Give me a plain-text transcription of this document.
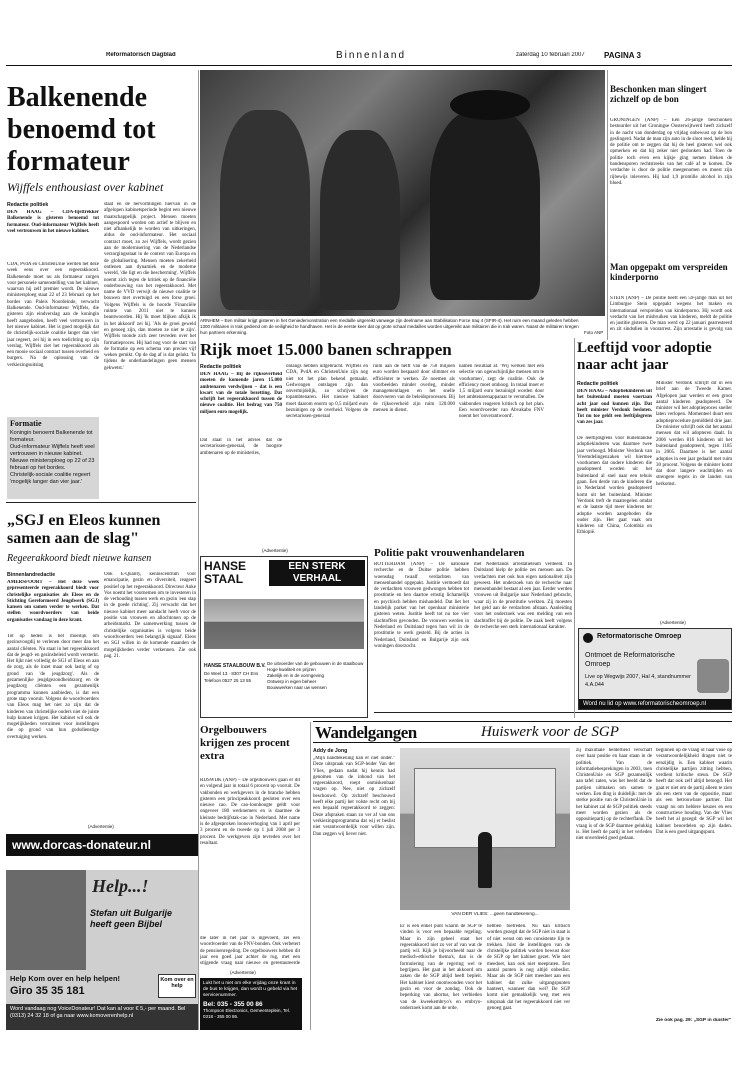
Reformatorisch Dagblad	Binnenland	zaterdag 10 februari 2007 PAGINA 3
Balkenende benoemd tot formateur
Wijffels enthousiast over kabinet
Redactie politiek
DEN HAAG – CDA-lijsttrekker Balkenende is gisteren benoemd tot formateur. Oud-informateur Wijffels heeft veel vertrouwen in het nieuwe kabinet.
CDA, PvdA en ChristenUnie werden het deze week eens over een regeerakkoord. Balkenende moet nu als formateur zorgen voor personele samenstelling van het kabinet, waarvan hij zelf premier wordt. De nieuwe ministersploeg staat 22 of 23 februari op het bordes van Paleis Noordeinde, verwacht Balkenende. Oud-informateur Wijffels, die gisteren zijn eindverslag aan de koningin heeft aangeboden, heeft veel vertrouwen in het nieuwe kabinet. Het is goed mogelijk dat de christelijk-sociale coalitie langer dan vier jaar regeert, zei hij in een toelichting op zijn verslag. Wijffels ziet het regeerakkoord als een mooie sociaal contract tussen overheid en burgers. Na de oplossing van de verkiezingsuitslag
staat en de hervormingen hiervan in de afgelopen kabinetsperiode begint een nieuwe maatschappelijk project. Mensen moeten aangespoord worden om actief te blijven en niet afhankelijk te worden van uitkeringen, aldus de oud-informateur. Het sociaal contract moet, zo zei Wijffels, wordt gezien aan de modernisering van de Nederlandse verzorgingsstaat in de context van Europa en de globalisering. Mensen moeten zekerheid ontlenen aan dynamiek en de moderne wereld, 'die ligt en die bescherming'. Wijffels noemt zich tegen de kritiek op de financiële onderbouwing van het regeerakkoord. Met name de VVD verwijt de nieuwe coalitie te bouwen met overtuigd en een forse groei. Volgens Wijffels is de hoorde 'Financiële ruimte van 2011 niet te kunnen beantwoorden. Hij 'ik moet blijken afkijk ik in het akkoord' zei hij. 'Als de groei geweld en genoeg zijn, dan moeten ze niet te zijn'. Wijffels toonde zich zeer tevreden over het formatieproces. Hij had nog voor de start van de formatie op een schema van precies vijf weken gemikt. Op de dag af is dat gelukt. 'In tijdens de onderhandelingen geen mensen gekwetst.'
Formatie
Koningin benoemt Balkenende tot formateur.
Oud-informateur Wijffels heeft veel vertrouwen in nieuwe kabinet.
Nieuwe ministersploeg op 22 of 23 februari op het bordes.
Christelijk-sociale coalitie regeert 'mogelijk langer dan vier jaar.'
„SGJ en Eleos kunnen samen aan de slag"
Regeerakkoord biedt nieuwe kansen
Binnenlandredactie
AMERSFOORT – Het deze week gepresenteerde regeerakkoord biedt voor christelijke organisaties als Eleos en de Stichting Gereformeerd Jeugdwerk (SGJ) kansen om samen verder te werken. Dat stellen woordvoerders van beide organisaties vandaag in deze krant.
Tot op heden is het moeilijk om gezinsvoogdij te verlenen door meer dan het aantal cliënten. Nu staat in het regeerakkoord dat de jeugd- en gezinsbeleid wordt versterkt. Het lijkt niet volledig de SGJ of Eleos en aan de zorg, als de inzet maar ook lastig of op grond van 'de jeugdzorg'. Als de gezamenlijke jeugdgezondheidszorg en de jeugdzorg cliënten een gezamenlijk programma kunnen aanbieden, is dat een grote stap vooruit. Volgens de woordvoerders van Eleos mag het niet zo zijn dat de kinderen van christelijke ouders niet de juiste hulp kunnen krijgen. Het kabinet wil ook de mogelijkheden verruimen voor instellingen die op grond van hun godsdienstige overtuiging werken.
Ook E-Quality, kenniscentrum voor emancipatie, gezin en diversiteit, reageert positief op het regeerakkoord. Directeur Anke Vos noemt het voornemen om te investeren in de verhouding tussen werk en gezin 'een stap in de goede richting'. Zij verwacht dat het nieuwe kabinet meer aandacht heeft voor de positie van vrouwen en allochtonen op de arbeidsmarkt. De samenwerking tussen de christelijke organisaties is volgens beide woordvoerders 'een belangrijk signaal'. Eleos en SGJ willen in de komende maanden de mogelijkheden verder verkennen. Zie ook pag. 21.
(Advertentie)
www.dorcas-donateur.nl
Help...!
Stefan uit Bulgarije heeft geen Bijbel
Help Kom over en help helpen!
Giro 35 35 181
Kom over en help
Word vandaag nog VoiceDonateur! Dat kan al voor € 5,- per maand. Bel (0313) 24 32 18 of ga naar www.komoverenhelp.nl
ARNHEM – Een militair krijgt gisteren in het Geniedemonstration een medaille uitgereikt vanwege zijn deelname aan Stabilisation Force Iraq 4 (SFIR-4). Het ruim een maand geleden hebben 1300 militairen in Irak gediend om de veiligheid te handhaven. Het is de eerste keer dat op grote schaal medailles worden uitgereikt aan militairen die in Irak waren. Naast de militairen kregen hun partners erkenning.	Foto ANP
Rijk moet 15.000 banen schrappen
Redactie politiek
DEN HAAG – Bij de rijksoverheid moeten de komende jaren 15.000 ambtenaren verdwijnen – dat is een kwart van de totale bezetting. Dat schrijft het regeerakkoord tussen de nieuwe coalitie. Het bedrag van 750 miljoen euro mogelijk.
Dat staat in het advies dat de secretarissen-generaal, de hoogste ambtenaren op de ministeries,
onlangs hebben uitgebracht. Wijffels en CDA, PvdA en ChristenUnie zijn nog niet tot het plan bekend gemaakt. Gedwongen ontslagen zijn dan onvermijdelijk, zo schrijven de topambtenaren. Het nieuwe kabinet moet daarom enorm op 0,5 miljard euro bezuinigen op de overheid. Volgens de secretarissen-generaal
ruim aan de helft van de 750 miljoen euro worden bespaard door slimmer en efficiënter te werken. Ze noemen als voorbeelden minder overleg, minder managementlagen en het snelle doorvoeren van de beleidsprocessen. Bij de rijksoverheid zijn ruim 120.000 mensen in dienst.
namen resultaat af. 'Wij werken met een selectie van ogenschijnlijke mensen om te voorkomen', zegt de coalitie. Ook de efficiency moet omhoog. In totaal moet er 1,5 miljard euro bezuinigd worden door het ambtenarenapparaat te versmallen. De vakbonden reageren kritisch op het plan. Een woordvoerder van Abvakabo FNV noemt het 'onverantwoord'.
Leeftijd voor adoptie naar acht jaar
Redactie politiek
DEN HAAG – Adoptiekinderen uit het buitenland moeten voortaan acht jaar oud kunnen zijn. Dat heeft minister Verdonk besloten. Tot nu toe geldt een leeftijdsgrens van zes jaar.
De leeftijdsgrens voor buitenlandse adoptiekinderen was daarmee twee jaar verhoogd. Minister Verdonk van Vreemdelingenzaken wil hiermee voorkomen dat oudere kinderen die geadopteerd worden uit het buitenland al snel naar een tehuis gaan. Een derde van de kinderen die in Nederland worden geadopteerd komt uit het buitenland. Minister Verdonk treft de maatregelen omdat er de laatste tijd meer kinderen ter adoptie worden aangeboden die ouder zijn. Het gaat vaak om kinderen uit China, Colombia en Ethiopië.
Minister Verdonk schrijft dit in een brief aan de Tweede Kamer. Afgelopen jaar werden er een groot aantal kinderen geadopteerd. De minister wil het adoptieproces sneller laten verlopen. Momenteel duurt een adoptieprocedure gemiddeld drie jaar. De minister schrijft ook dat het aantal mensen dat wil adopteren daalt. In 2006 werden 816 kinderen uit het buitenland geadopteerd, tegen 1185 in 2005. Daarmee is het aantal adopties in een jaar gedaald met ruim 30 procent. Volgens de minister komt dat door langere wachttijden en strengere regels in de landen van herkomst.
Politie pakt vrouwenhandelaren
ROTTERDAM (ANP) – De nationale recherche en de Duitse politie hebben woensdag twaalf verdachten van mensenhandel opgepakt. Justitie vermoedt dat de verdachten vrouwen gedwongen hebben tot prostitutie en hen daartoe ernstig lichamelijk en psychisch hebben mishandeld. Dat liet het landelijk parket van het openbaar ministerie gisteren weten. Justitie heeft tot nu toe vier slachtoffers gevonden. De vrouwen werden in Nederland en Duitsland tegen hun wil in de prostitutie te werk gesteld. Bij de acties in Nederland, Duitsland en Bulgarije zijn ook woningen doorzocht.
met Nederlands arrestatieteam verdeeld. In Duitsland hielp de politie zes mensen aan. De verdachten met ook hun eigen nationaliteit zijn geweest. Het onderzoek van de recherche naar mensenhandel bestaat al een jaar. Eerder werden vrouwen uit Bulgarije naar Nederland gebracht, waar zij in de prostitutie werkten. Zij moesten het geld aan de verdachten afstaan. Aanleiding voor het onderzoek was een melding van een slachtoffer bij de politie. De zaak heeft volgens de recherche een sterk internationaal karakter.
(Advertentie)
HANSE STAAL
EEN STERK VERHAAL
HANSE STAALBOUW B.V.
De Weel 13 · 8307 CH Ens
Telefoon 0527 25 13 55
De uitvoerder van de gebouwen in de staalbouw
Hoge kwaliteit en prijzen
Zakelijk en in de vormgeving
Ontwerp in eigen beheer
Bouwwerken naar uw wensen
(Advertentie)
Reformatorische Omroep
Ontmoet de Reformatorische Omroep
Live op Wegwijs 2007, Hal 4, standnummer 4.A.044
Word nu lid op www.reformatorischeomroep.nl
Orgelbouwers krijgen zes procent extra
RIJSWIJK (ANP) – De orgelbouwers gaan er dit en volgend jaar in totaal 6 procent op vooruit. De vakbonden en werkgevers in de branche hebben gisteren een principeakkoord gesloten over een nieuwe cao. De cao-loonhoogte geldt voor ongeveer 180 werknemers en is daarmee de kleinste bedrijfstak-cao in Nederland. Met name is de afgesproken loonsverhoging van 1 april per 3 procent en de tweede op 1 juli 2008 per 3 procent. De werkgevers zijn tevreden over het resultaat.
die later in het jaar is ingevoerd, zei een woordvoerder van de FNV-bonden. Ook verbetert de pensioenregeling. De orgelbouwers hebben dit jaar een goed jaar achter de rug, met een stijgende vraag naar nieuwe en gerestaureerde
(Advertentie)
Lukt het u niet om elke vrijdag onze krant in de bus te krijgen, dan wordt u gebeld via het servicenummer.
Bel: 035 - 355 00 86
Thompson Electronics, Gemeenteplein, Tel. 0318 - 355 00 86.
Wandelgangen	Huiswerk voor de SGP
Addy de Jong
„Mijn handtekening kan er niet onder." Deze uitspraak van SGP-leider Van der Vlies, gedaan nadat hij kennis had genomen van de inhoud van het regeerakkoord, roept onmiskenbaar vragen op. Nee, niet op zichzelf beschouwd. Op zichzelf beschouwd heeft elke partij het volste recht om bij een bepaald regeerakkoord te zeggen: Deze afspraken staan zo ver af van ons verkiezingsprogramma dat wij er beslist niet verantwoordelijk voor willen zijn. Dan zeggen wij liever niet.
VAN DER VLIES: ...geen handtekening...
Er is een enkel punt waarin de SGP te vinden is voor een bepaalde regeling. Maar in zijn geheel staat het regeerakkoord niet zo ver af van wat de partij wil. Kijk je bijvoorbeeld naar de medisch-ethische thema's, dan is de formulering van de regering wel te begrijpen. Het gaat in het akkoord om zaken die de SGP altijd heeft bepleit. Het kabinet kiest onomwonden voor het gezin en voor de zondag. Ook de beperking van abortus, het verbieden van de kweekembryo's en embryo-onderzoek komt aan de orde.
hebben toetreden. Nu kan kritisch worden gezegd dat de SGP niet in staat is of niet wenst om een consistente lijn te trekken. Juist de instellingen van de christelijke politiek worden bewust door de SGP op het kabinet gezet. Wie niet meedoet, kan ook niet meepraten. Een aantal punten is nog altijd onbeslist. Maar als de SGP niet meedoet aan een kabinet dat zulke uitgangspunten hanteert, wanneer dan wel? De SGP komt niet gemakkelijk weg met een uitspraak dat het regeerakkoord niet ver genoeg gaat.
zij maximale helderheid verschaft over haar positie en haar staan in de politiek. Van de informatiebesprekingen in 2003, toen ChristenUnie en SGP gezamenlijk aan tafel zaten, was het beeld dat de partijen uitmaken om samen te werken. Een ding is duidelijk: met de sterke positie van de ChristenUnie in het kabinet zal de SGP politiek steeds meer worden gezien als de oppositiepartij op de rechterflank. De vraag is of de SGP daarmee gelukkig is. Het heeft de partij in het verleden niet onverdeeld goed gedaan.
beginnen op de vraag of haar visie op verantwoordelijkheid dragen niet te eenzijdig is. Een kabinet waarin christelijke partijen zitting hebben, verdient kritische steun. De SGP heeft dat ook zelf altijd betoogd. Het gaat er niet om de partij alleen te zien als een stem van de oppositie, maar als een betrouwbare partner. Dat vraagt nu om heldere keuzes en een constructieve houding. Van der Vlies heeft het al gezegd: de SGP wil het kabinet beoordelen op zijn daden. Dat is een goed uitgangspunt.
Zie ook pag. 29: „SGP in duister"
Beschonken man slingert zichzelf op de bon
GRONINGEN (ANP) – Een 26-jarige beschonken bestuurder uit het Groningse Oosterwijtwerd heeft zichzelf in de nacht van donderdag op vrijdag onbewust op de bon geslingerd. Nadat de man zijn auto in de sloot reed, belde hij de politie om te zeggen dat hij de heel gisteren wel ook opmerken en dat hij zeker niet geslonken had. Toen de politie toch even een kijkje ging nemen bleken de bandensporen rechtstreeks van het café af te komen. De verdachte is door de politie meegenomen en moest zijn rijbewijs inleveren. Hij had 1,9 promille alcohol in zijn bloed.
Man opgepakt om verspreiden kinderporno
STEIN (ANP) – De politie heeft een 59-jarige man uit het Limburgse Stein opgepakt wegens het maken en internationaal verspreiden van kinderporno. Hij wordt ook verdacht van het misbruiken van kinderen, meldt de politie en justitie gisteren. De man werd op 22 januari gearresteerd en zit sindsdien in voorarrest. Zijn arrestatie is gevolg van
